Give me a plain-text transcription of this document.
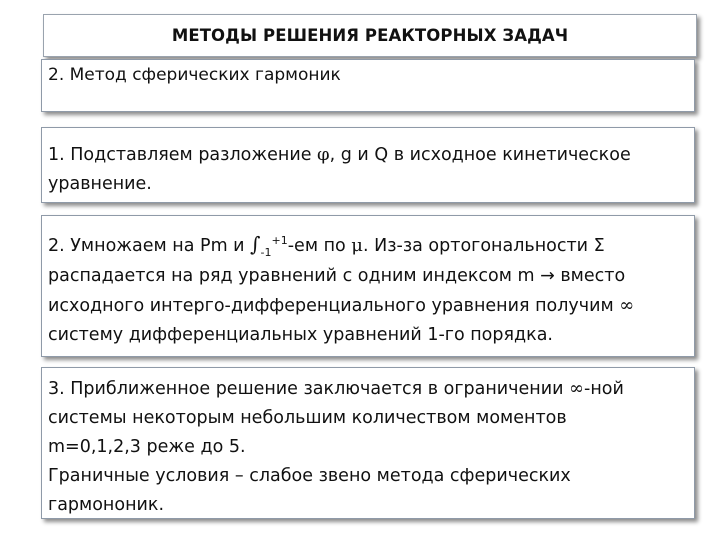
МЕТОДЫ РЕШЕНИЯ РЕАКТОРНЫХ ЗАДАЧ

2. Метод сферических гармоник

1. Подставляем разложение φ, g и Q в исходное кинетическое

уравнение.

2. Умножаем на Pm и $\int_{-1}^{+1}-ем$ по μ. Из-за ортогональности Σ

распадается на ряд уравнений с одним индексом m → вместо

исходного интерго-дифференциального уравнения получим ∞

систему дифференциальных уравнений 1-го порядка.

3. Приближенное решение заключается в ограничении ∞-ной

системы некоторым небольшим количеством моментов

m=0,1,2,3 реже до 5.

Граничные условия – слабое звено метода сферических

гармононик.
